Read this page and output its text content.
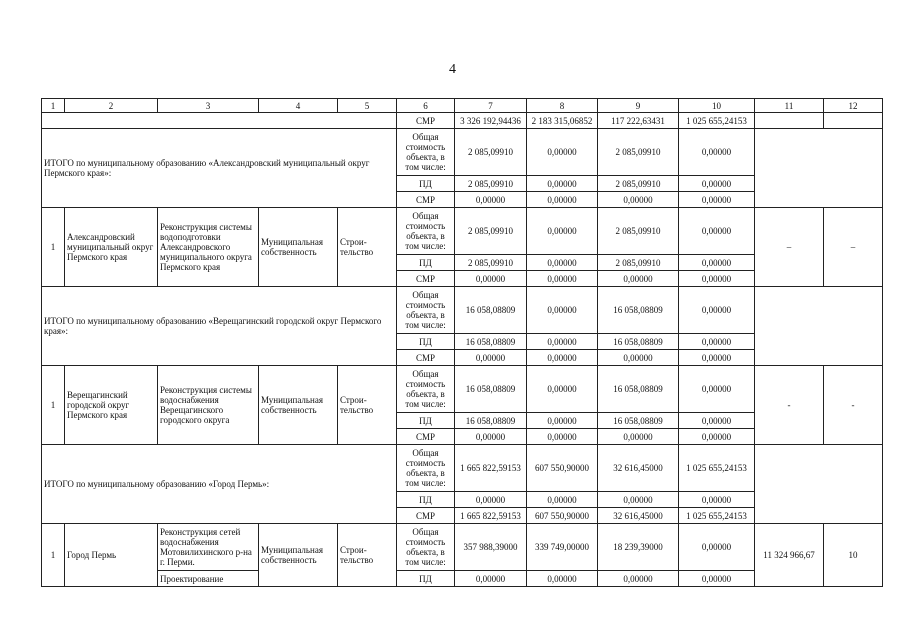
4
1	2	3	4	5	6	7	8	9	10	11	12
					СМР	3 326 192,94436	2 183 315,06852	117 222,63431	1 025 655,24153		
ИТОГО по муниципальному образованию «Александровский муниципальный округ Пермского края»:					Общая стоимость объекта, в том числе:	2 085,09910	0,00000	2 085,09910	0,00000		
					ПД	2 085,09910	0,00000	2 085,09910	0,00000		
					СМР	0,00000	0,00000	0,00000	0,00000		
1	Александровский муниципальный округ Пермского края	Реконструкция системы водоподготовки Александровского муниципального округа Пермского края	Муниципальная собственность	Строи-тельство	Общая стоимость объекта, в том числе:	2 085,09910	0,00000	2 085,09910	0,00000	–	–
					ПД	2 085,09910	0,00000	2 085,09910	0,00000		
					СМР	0,00000	0,00000	0,00000	0,00000		
ИТОГО по муниципальному образованию «Верещагинский городской округ Пермского края»:					Общая стоимость объекта, в том числе:	16 058,08809	0,00000	16 058,08809	0,00000		
					ПД	16 058,08809	0,00000	16 058,08809	0,00000		
					СМР	0,00000	0,00000	0,00000	0,00000		
1	Верещагинский городской округ Пермского края	Реконструкция системы водоснабжения Верещагинского городского округа	Муниципальная собственность	Строи-тельство	Общая стоимость объекта, в том числе:	16 058,08809	0,00000	16 058,08809	0,00000	-	-
					ПД	16 058,08809	0,00000	16 058,08809	0,00000		
					СМР	0,00000	0,00000	0,00000	0,00000		
ИТОГО по муниципальному образованию «Город Пермь»:					Общая стоимость объекта, в том числе:	1 665 822,59153	607 550,90000	32 616,45000	1 025 655,24153		
					ПД	0,00000	0,00000	0,00000	0,00000		
					СМР	1 665 822,59153	607 550,90000	32 616,45000	1 025 655,24153		
1	Город Пермь	Реконструкция сетей водоснабжения Мотовилихинского р-на г. Перми.	Муниципальная собственность	Строи-тельство	Общая стоимость объекта, в том числе:	357 988,39000	339 749,00000	18 239,39000	0,00000	11 324 966,67	10
		Проектирование			ПД	0,00000	0,00000	0,00000	0,00000		
